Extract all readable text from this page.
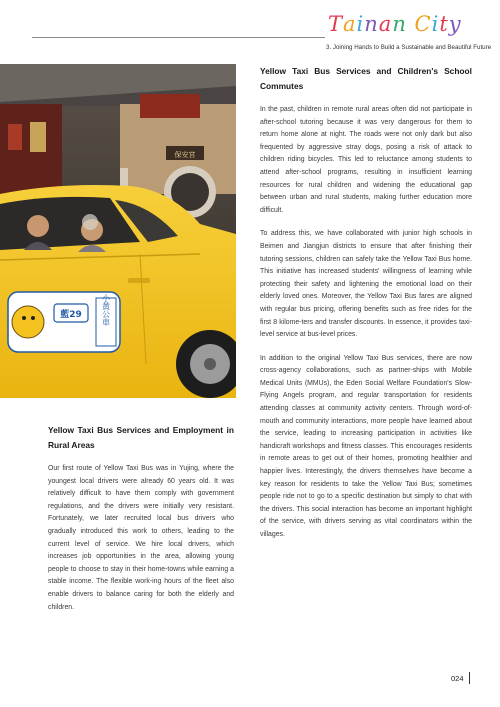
Tainan City
3. Joining Hands to Build a Sustainable and Beautiful Future
保安宮
藍29 小黃公車
Yellow Taxi Bus Services and Children's School Commutes

In the past, children in remote rural areas often did not participate in after-school tutoring because it was very dangerous for them to return home alone at night. The roads were not only dark but also frequented by aggressive stray dogs, posing a risk of attack to children riding bicycles. This led to reluctance among students to attend after-school programs, resulting in insufficient learning resources for rural children and widening the educational gap between urban and rural students, making further education more difficult.

To address this, we have collaborated with junior high schools in Beimen and Jiangjun districts to ensure that after finishing their tutoring sessions, children can safely take the Yellow Taxi Bus home. This initiative has increased students' willingness of learning while protecting their safety and lightening the emotional load on their elderly loved ones. Moreover, the Yellow Taxi Bus fares are aligned with regular bus pricing, offering benefits such as free rides for the first 8 kilome-ters and transfer discounts. In essence, it provides taxi-level service at bus-level prices.

In addition to the original Yellow Taxi Bus services, there are now cross-agency collaborations, such as partner-ships with Mobile Medical Units (MMUs), the Eden Social Welfare Foundation's Slow-Flying Angels program, and regular transportation for residents attending classes at community activity centers. Through word-of-mouth and community interactions, more people have learned about the service, leading to increasing participation in activities like handicraft workshops and fitness classes. This encourages residents in remote areas to get out of their homes, promoting healthier and happier lives. Interestingly, the drivers themselves have become a key reason for residents to take the Yellow Taxi Bus; sometimes people ride not to go to a specific destination but simply to chat with the drivers. This social interaction has become an important highlight of the service, with drivers serving as vital coordinators within the villages.

Yellow Taxi Bus Services and Employment in Rural Areas

Our first route of Yellow Taxi Bus was in Yujing, where the youngest local drivers were already 60 years old. It was relatively difficult to have them comply with government regulations, and the drivers were initially very resistant. Fortunately, we later recruited local bus drivers who gradually introduced this work to others, leading to the current level of service. We hire local drivers, which increases job opportunities in the area, allowing young people to choose to stay in their home-towns while earning a stable income. The flexible work-ing hours of the fleet also enable drivers to balance caring for both the elderly and children.

024
